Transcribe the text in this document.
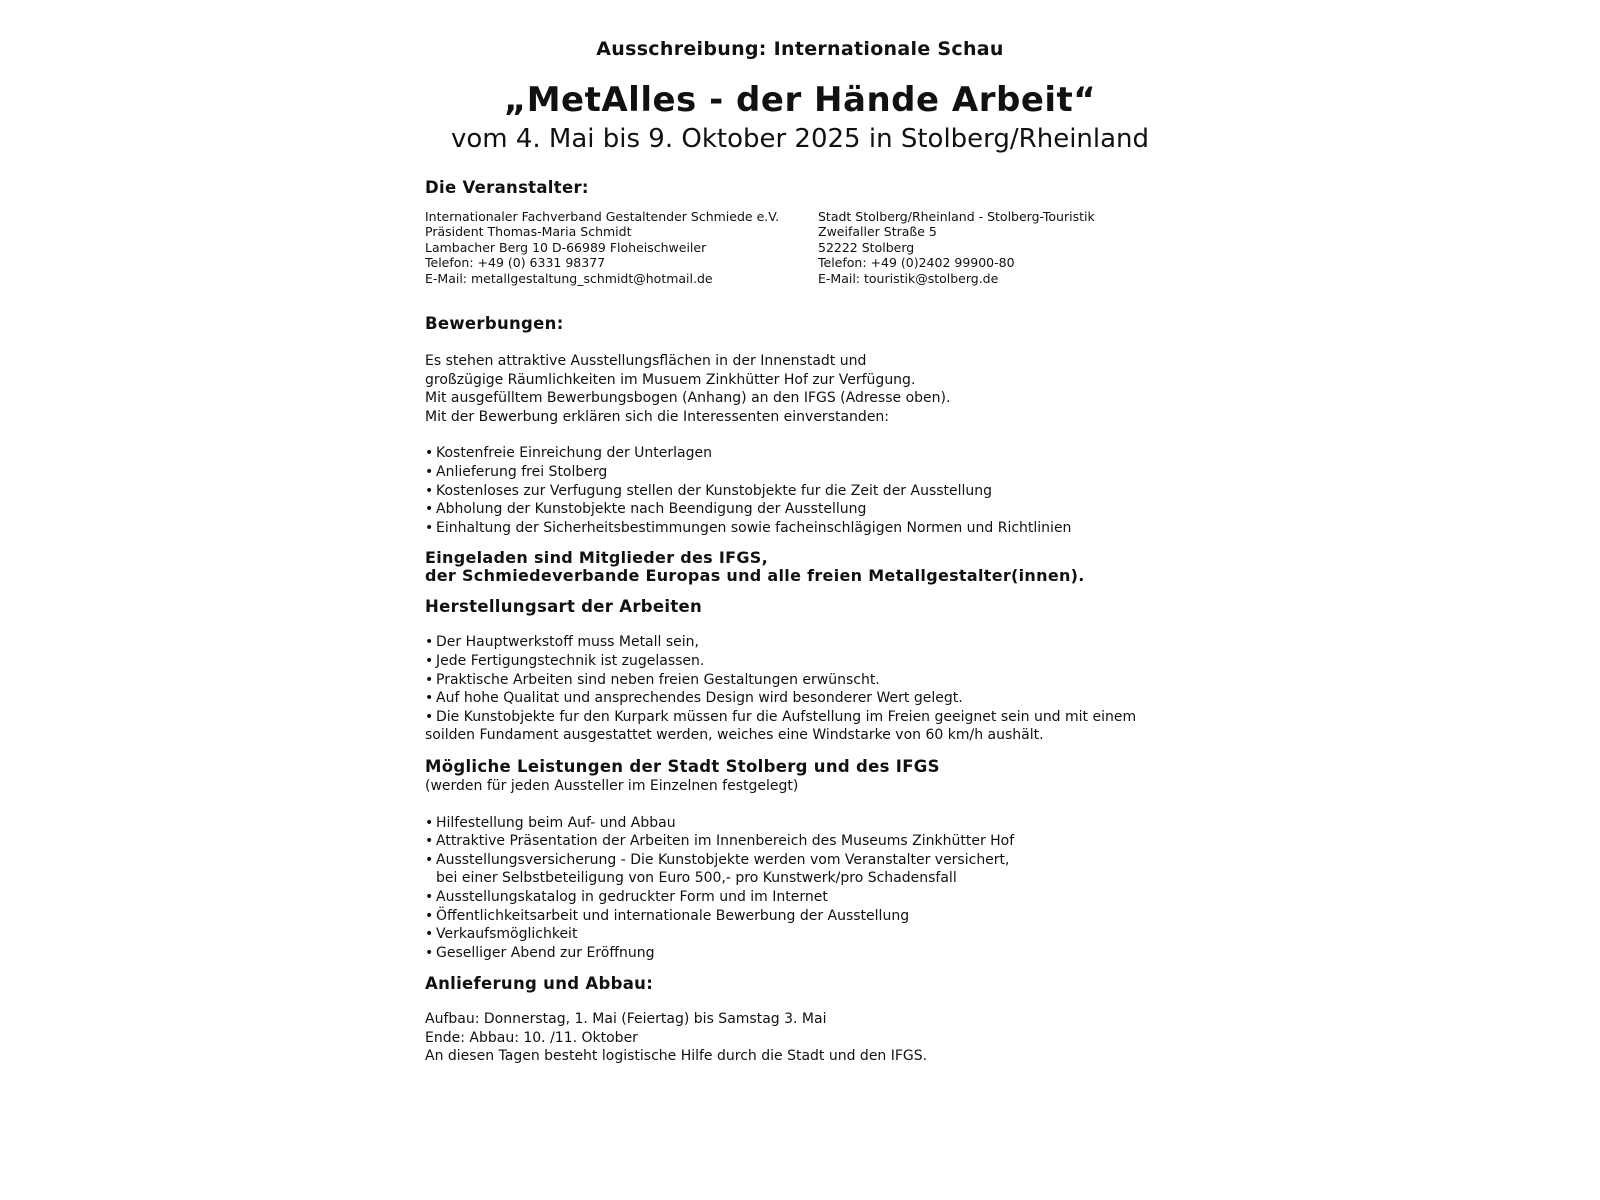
Ausschreibung: Internationale Schau
„MetAlles - der Hände Arbeit“
vom 4. Mai bis 9. Oktober 2025 in Stolberg/Rheinland

Die Veranstalter:

Internationaler Fachverband Gestaltender Schmiede e.V.

Präsident Thomas-Maria Schmidt

Lambacher Berg 10 D-66989 Floheischweiler

Telefon: +49 (0) 6331 98377

E-Mail: metallgestaltung_schmidt@hotmail.de

Stadt Stolberg/Rheinland - Stolberg-Touristik

Zweifaller Straße 5

52222 Stolberg

Telefon: +49 (0)2402 99900-80

E-Mail: touristik@stolberg.de

Bewerbungen:

Es stehen attraktive Ausstellungsflächen in der Innenstadt und

großzügige Räumlichkeiten im Musuem Zinkhütter Hof zur Verfügung.

Mit ausgefülltem Bewerbungsbogen (Anhang) an den IFGS (Adresse oben).

Mit der Bewerbung erklären sich die Interessenten einverstanden:

• Kostenfreie Einreichung der Unterlagen
• Anlieferung frei Stolberg
• Kostenloses zur Verfugung stellen der Kunstobjekte fur die Zeit der Ausstellung
• Abholung der Kunstobjekte nach Beendigung der Ausstellung
• Einhaltung der Sicherheitsbestimmungen sowie facheinschlägigen Normen und Richtlinien

Eingeladen sind Mitglieder des IFGS,

der Schmiedeverbande Europas und alle freien Metallgestalter(innen).

Herstellungsart der Arbeiten

• Der Hauptwerkstoff muss Metall sein,
• Jede Fertigungstechnik ist zugelassen.
• Praktische Arbeiten sind neben freien Gestaltungen erwünscht.
• Auf hohe Qualitat und ansprechendes Design wird besonderer Wert gelegt.
• Die Kunstobjekte fur den Kurpark müssen fur die Aufstellung im Freien geeignet sein und mit einem

soilden Fundament ausgestattet werden, weiches eine Windstarke von 60 km/h aushält.

Mögliche Leistungen der Stadt Stolberg und des IFGS

(werden für jeden Aussteller im Einzelnen festgelegt)

• Hilfestellung beim Auf- und Abbau
• Attraktive Präsentation der Arbeiten im Innenbereich des Museums Zinkhütter Hof
• Ausstellungsversicherung - Die Kunstobjekte werden vom Veranstalter versichert,

bei einer Selbstbeteiligung von Euro 500,- pro Kunstwerk/pro Schadensfall

• Ausstellungskatalog in gedruckter Form und im Internet
• Öffentlichkeitsarbeit und internationale Bewerbung der Ausstellung
• Verkaufsmöglichkeit
• Geselliger Abend zur Eröffnung

Anlieferung und Abbau:

Aufbau: Donnerstag, 1. Mai (Feiertag) bis Samstag 3. Mai

Ende: Abbau: 10. /11. Oktober

An diesen Tagen besteht logistische Hilfe durch die Stadt und den IFGS.
